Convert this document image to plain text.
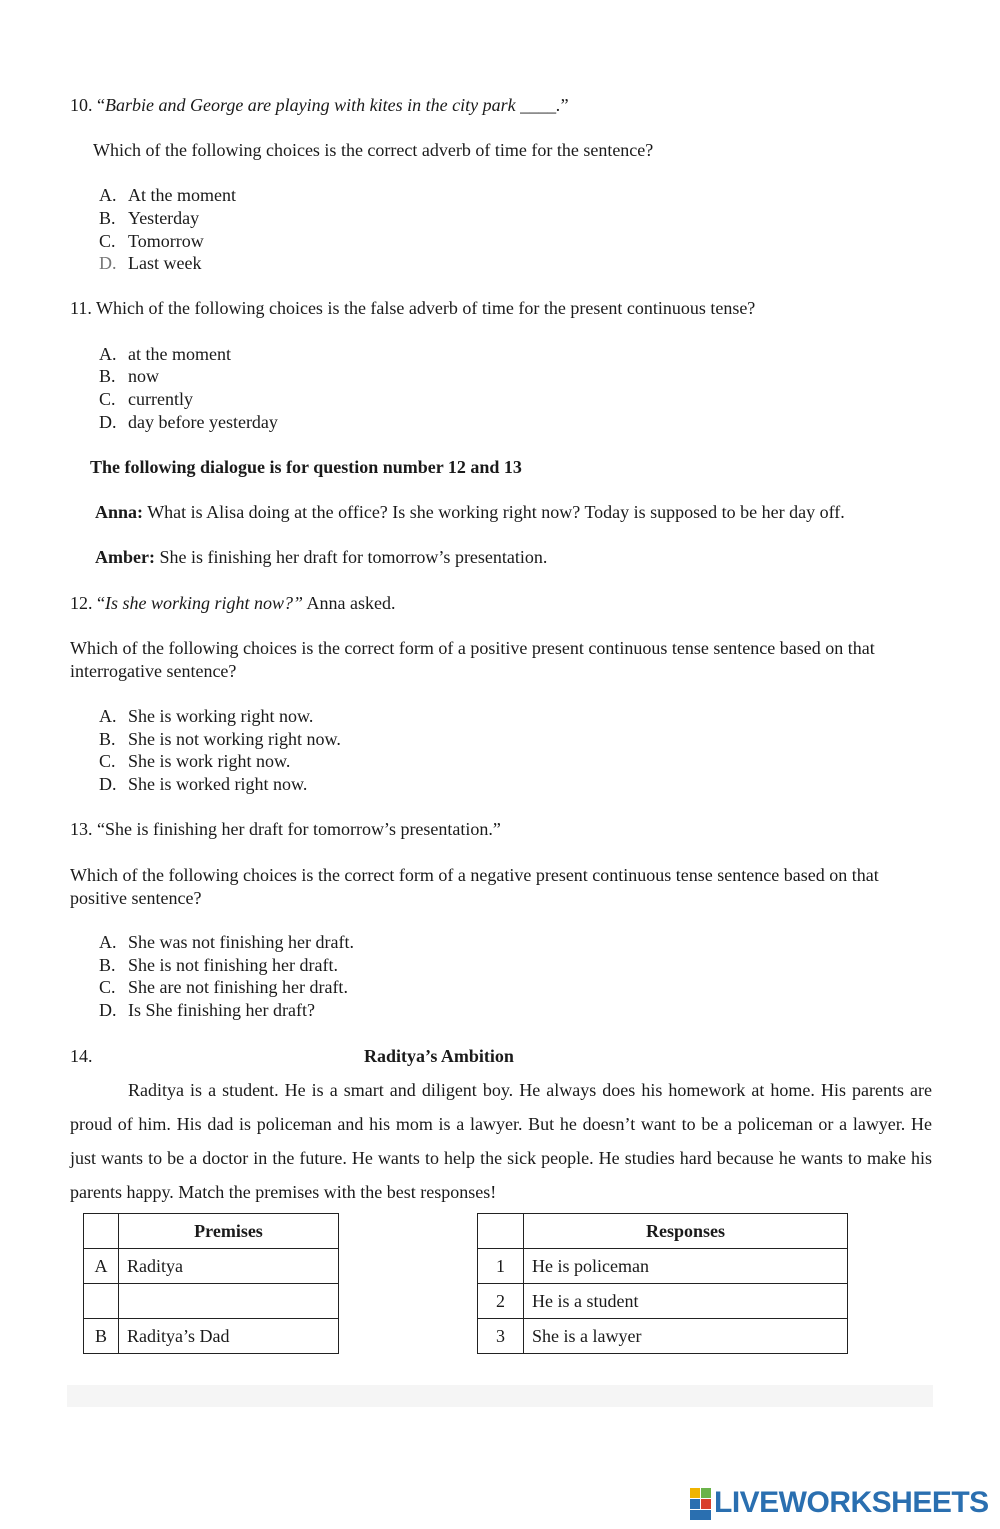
10. “Barbie and George are playing with kites in the city park ____.”
Which of the following choices is the correct adverb of time for the sentence?
A. At the moment
B. Yesterday
C. Tomorrow
D. Last week
11. Which of the following choices is the false adverb of time for the present continuous tense?
A. at the moment
B. now
C. currently
D. day before yesterday
The following dialogue is for question number 12 and 13
Anna: What is Alisa doing at the office? Is she working right now? Today is supposed to be her day off.
Amber: She is finishing her draft for tomorrow’s presentation.
12. “Is she working right now?” Anna asked.
Which of the following choices is the correct form of a positive present continuous tense sentence based on that interrogative sentence?
A. She is working right now.
B. She is not working right now.
C. She is work right now.
D. She is worked right now.
13. “She is finishing her draft for tomorrow’s presentation.”
Which of the following choices is the correct form of a negative present continuous tense sentence based on that positive sentence?
A. She was not finishing her draft.
B. She is not finishing her draft.
C. She are not finishing her draft.
D. Is She finishing her draft?
14.	Raditya’s Ambition
Raditya is a student. He is a smart and diligent boy. He always does his homework at home. His parents are proud of him. His dad is policeman and his mom is a lawyer. But he doesn’t want to be a policeman or a lawyer. He just wants to be a doctor in the future. He wants to help the sick people. He studies hard because he wants to make his parents happy. Match the premises with the best responses!
	Premises
A	Raditya

B	Raditya’s Dad
	Responses
1	He is policeman
2	He is a student
3	She is a lawyer
LIVEWORKSHEETS
